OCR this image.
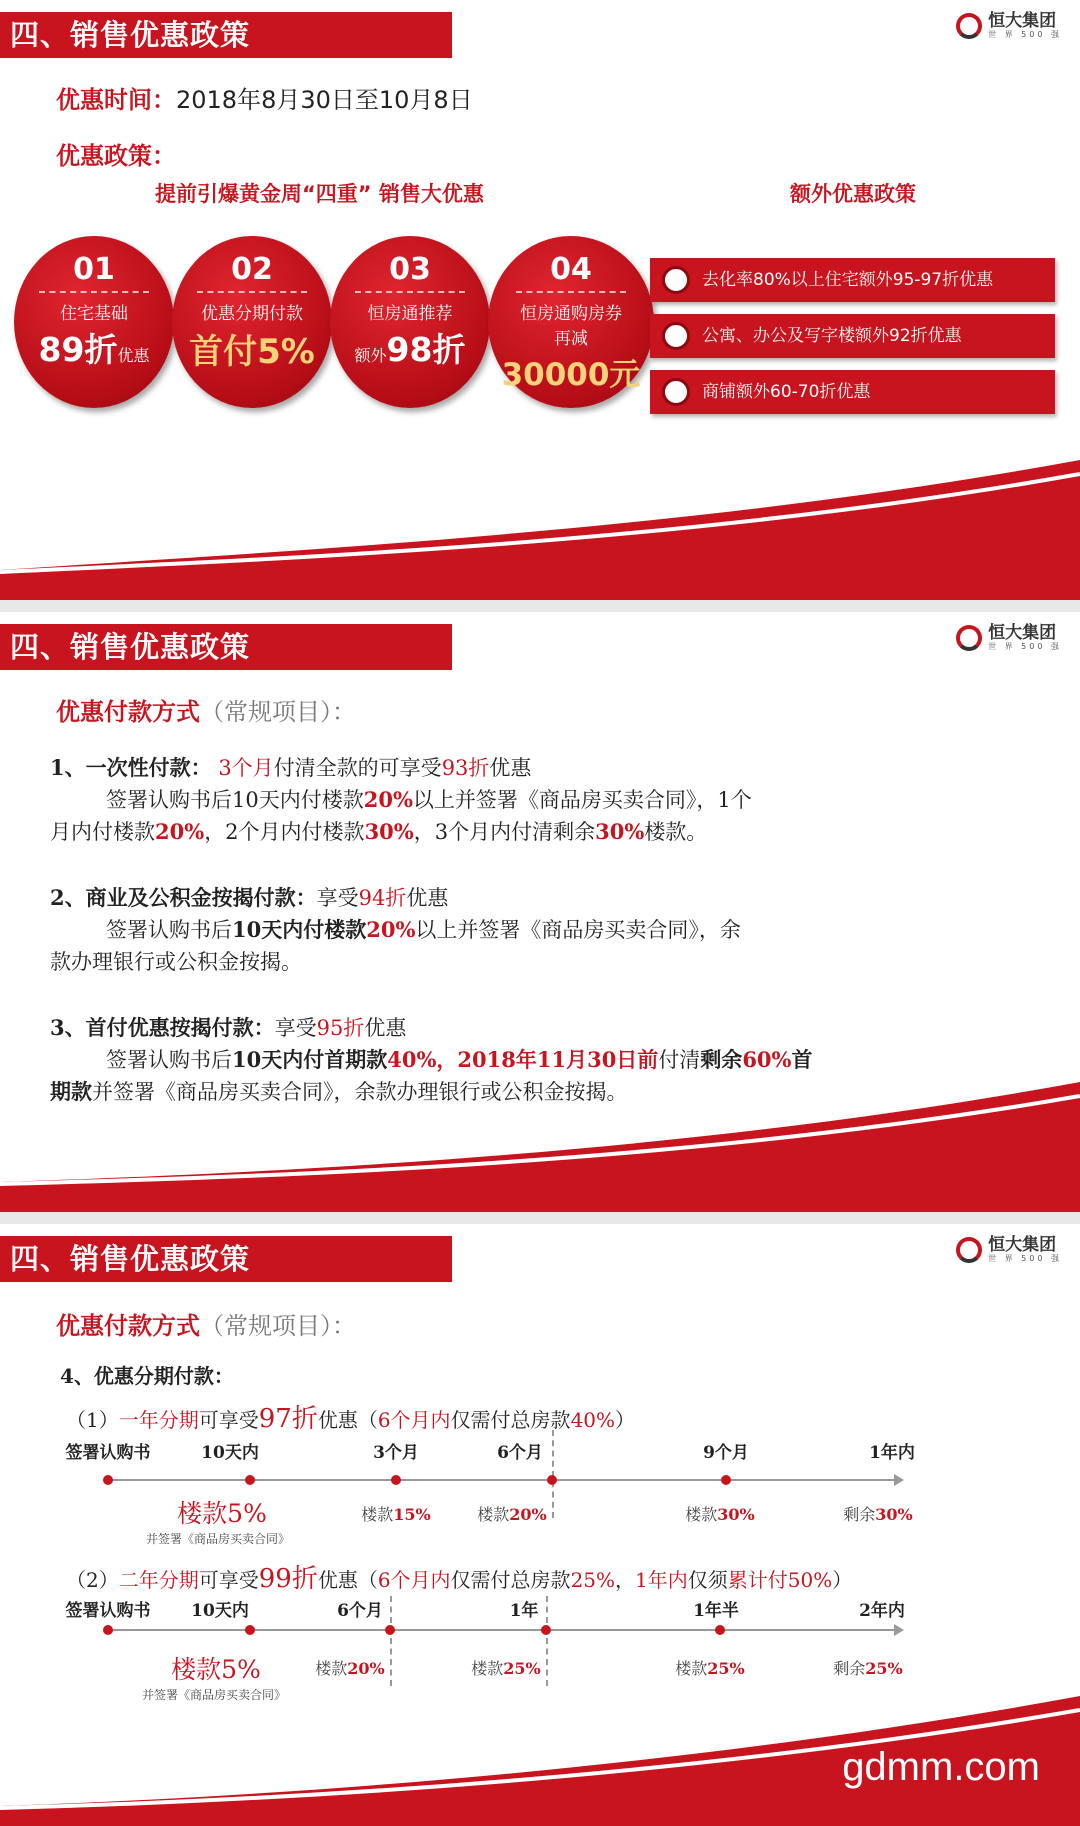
四、销售优惠政策	恒大集团
世 界 500 强
优惠时间：2018年8月30日至10月8日
优惠政策：
提前引爆黄金周“四重” 销售大优惠	额外优惠政策
01
住宅基础
89折优惠
02
优惠分期付款
首付5%
03
恒房通推荐
额外98折
04
恒房通购房券
再减
30000元
去化率80%以上住宅额外95-97折优惠
公寓、办公及写字楼额外92折优惠
商铺额外60-70折优惠
四、销售优惠政策	恒大集团
世 界 500 强
优惠付款方式（常规项目）：
1、一次性付款： 3个月付清全款的可享受93折优惠
签署认购书后10天内付楼款20%以上并签署《商品房买卖合同》，1个
月内付楼款20%，2个月内付楼款30%，3个月内付清剩余30%楼款。
2、商业及公积金按揭付款：享受94折优惠
签署认购书后10天内付楼款20%以上并签署《商品房买卖合同》，余
款办理银行或公积金按揭。
3、首付优惠按揭付款：享受95折优惠
签署认购书后10天内付首期款40%，2018年11月30日前付清剩余60%首
期款并签署《商品房买卖合同》，余款办理银行或公积金按揭。
四、销售优惠政策	恒大集团
世 界 500 强
优惠付款方式（常规项目）：
4、优惠分期付款：
（1）一年分期可享受97折优惠（6个月内仅需付总房款40%）
签署认购书	10天内	3个月	6个月	9个月	1年内
楼款5%
并签署《商品房买卖合同》
楼款15%	楼款20%	楼款30%	剩余30%
（2）二年分期可享受99折优惠（6个月内仅需付总房款25%，1年内仅须累计付50%）
签署认购书 10天内	6个月	1年	1年半	2年内
楼款5%
并签署《商品房买卖合同》
楼款20%	楼款25%	楼款25%	剩余25%
gdmm.com
